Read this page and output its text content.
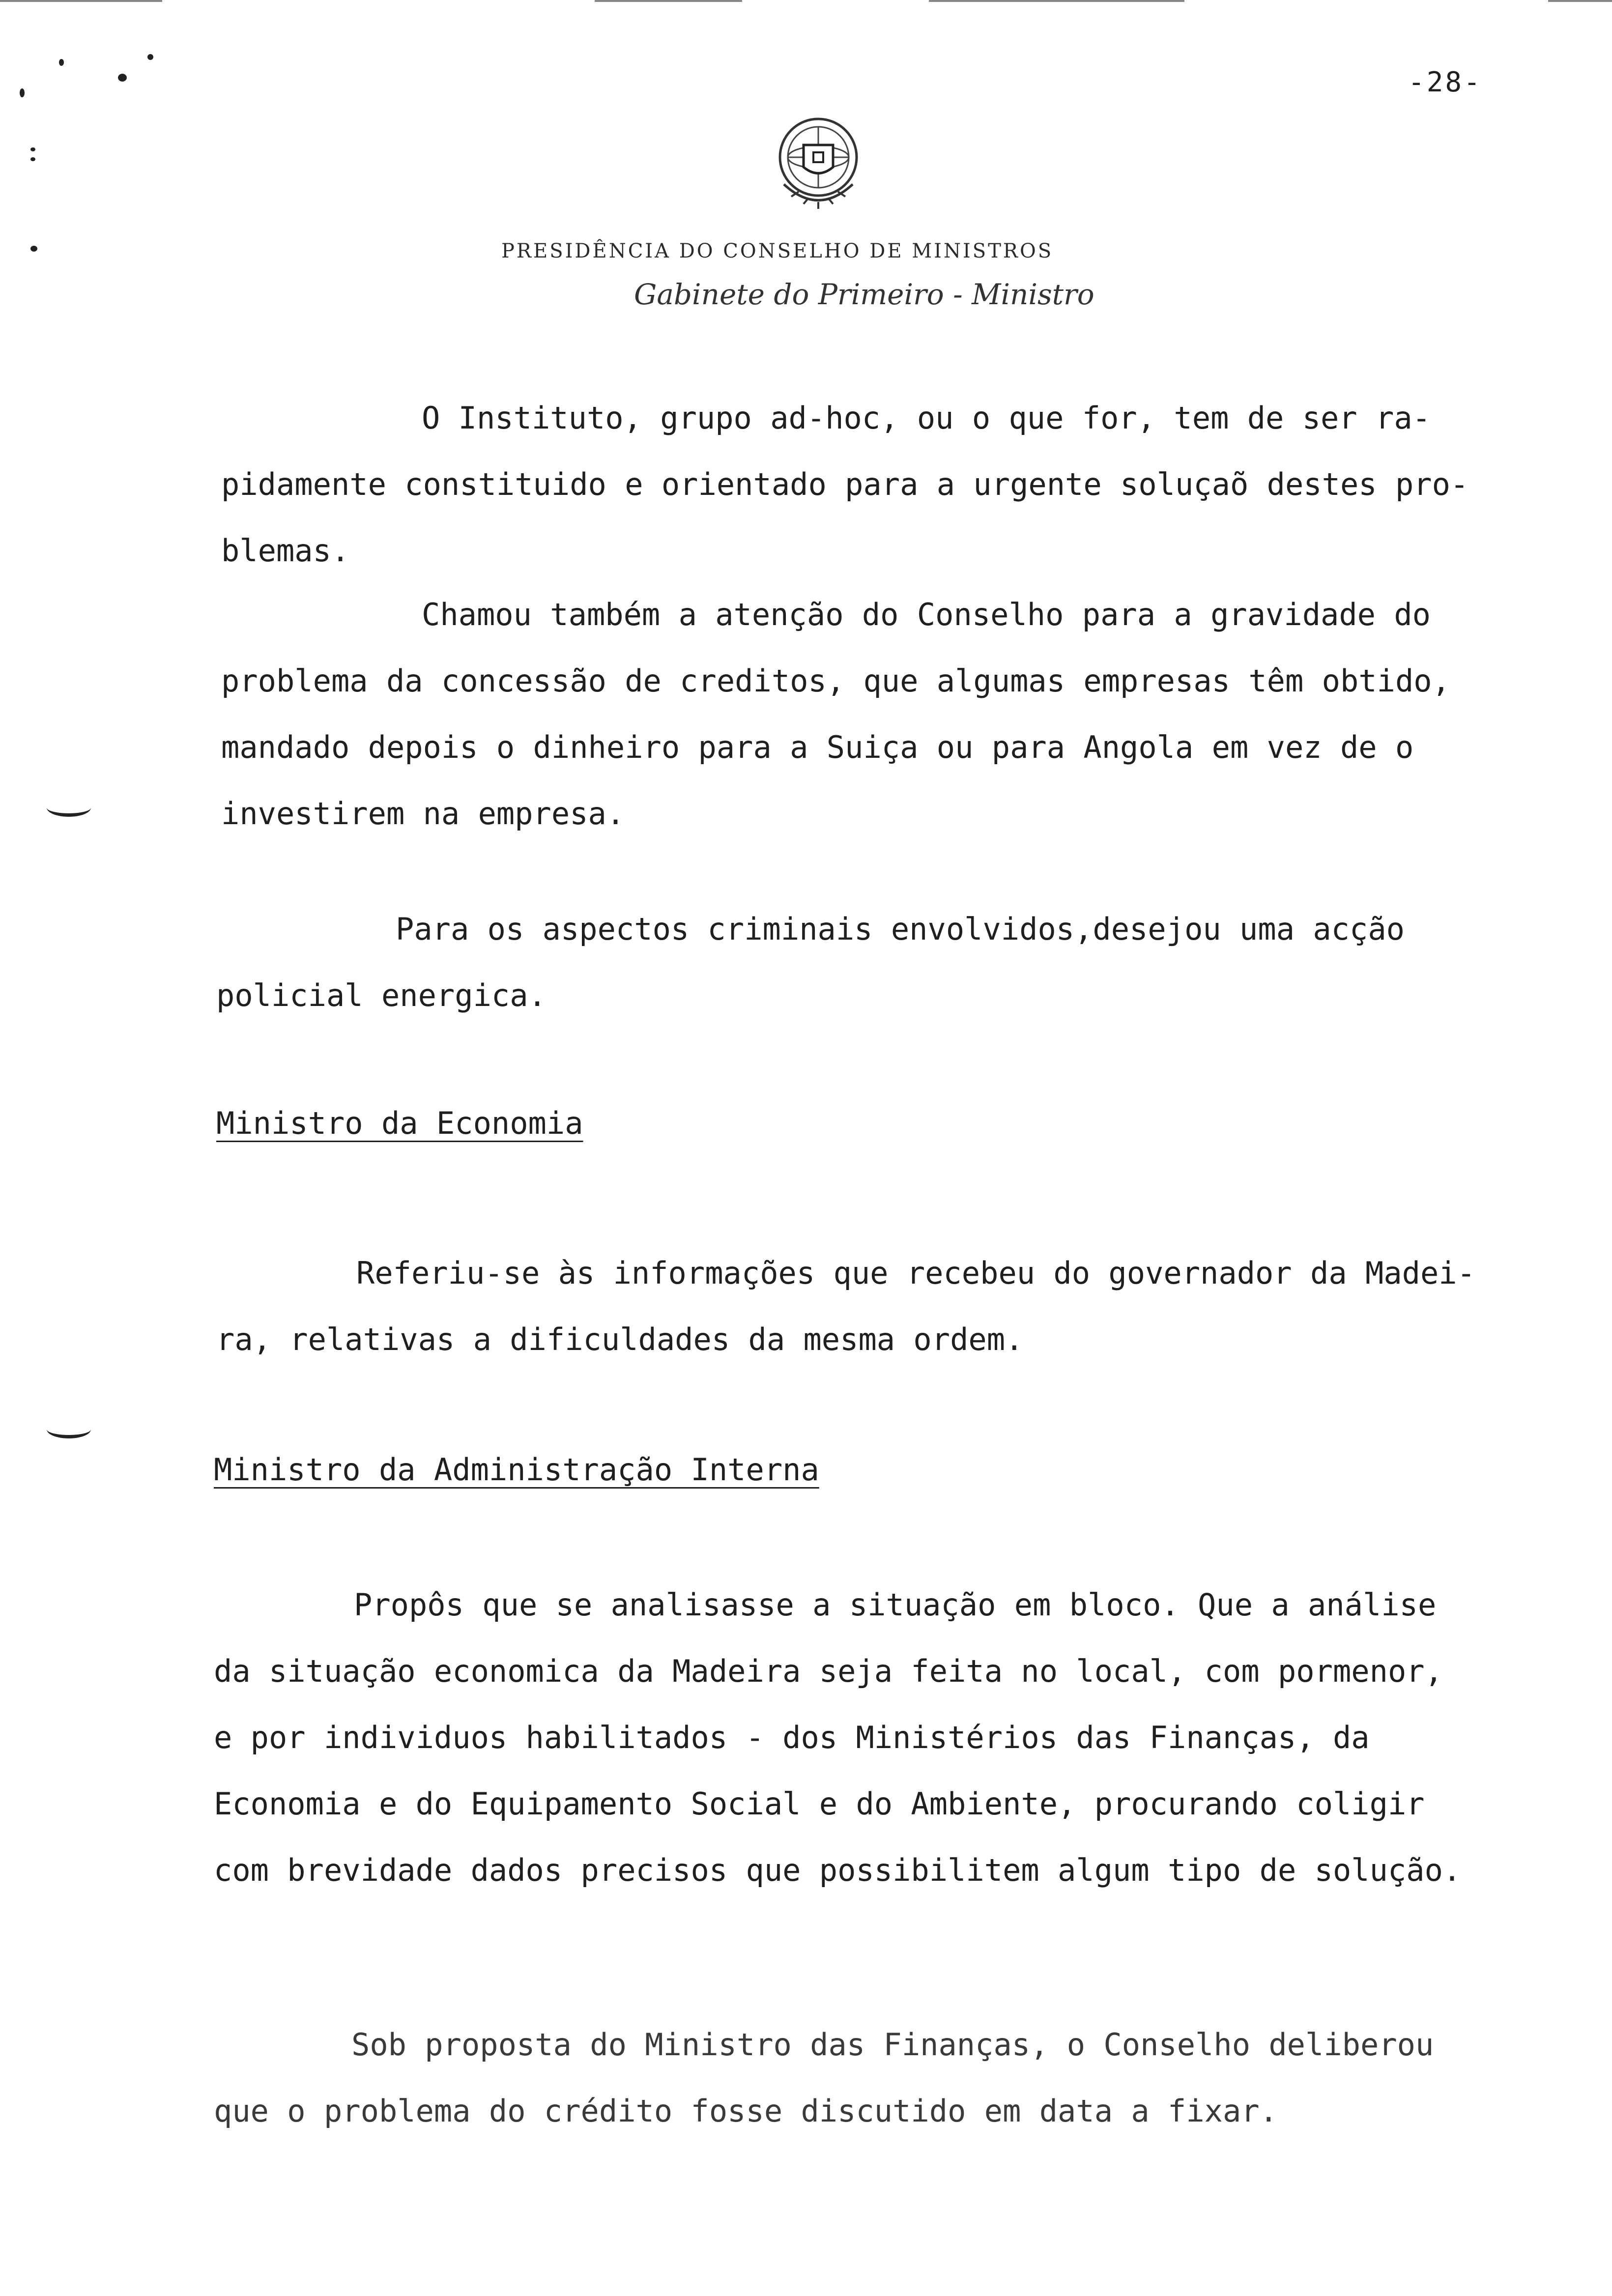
-28-
PRESIDÊNCIA DO CONSELHO DE MINISTROS
Gabinete do Primeiro - Ministro
O Instituto, grupo ad-hoc, ou o que for, tem de ser ra-
pidamente constituido e orientado para a urgente soluçaõ destes pro-
blemas.
Chamou também a atenção do Conselho para a gravidade do
problema da concessão de creditos, que algumas empresas têm obtido,
mandado depois o dinheiro para a Suiça ou para Angola em vez de o
investirem na empresa.
Para os aspectos criminais envolvidos,desejou uma acção
policial energica.
Ministro da Economia
Referiu-se às informações que recebeu do governador da Madei-
ra, relativas a dificuldades da mesma ordem.
Ministro da Administração Interna
Propôs que se analisasse a situação em bloco. Que a análise
da situação economica da Madeira seja feita no local, com pormenor,
e por individuos habilitados - dos Ministérios das Finanças, da
Economia e do Equipamento Social e do Ambiente, procurando coligir
com brevidade dados precisos que possibilitem algum tipo de solução.
Sob proposta do Ministro das Finanças, o Conselho deliberou
que o problema do crédito fosse discutido em data a fixar.
